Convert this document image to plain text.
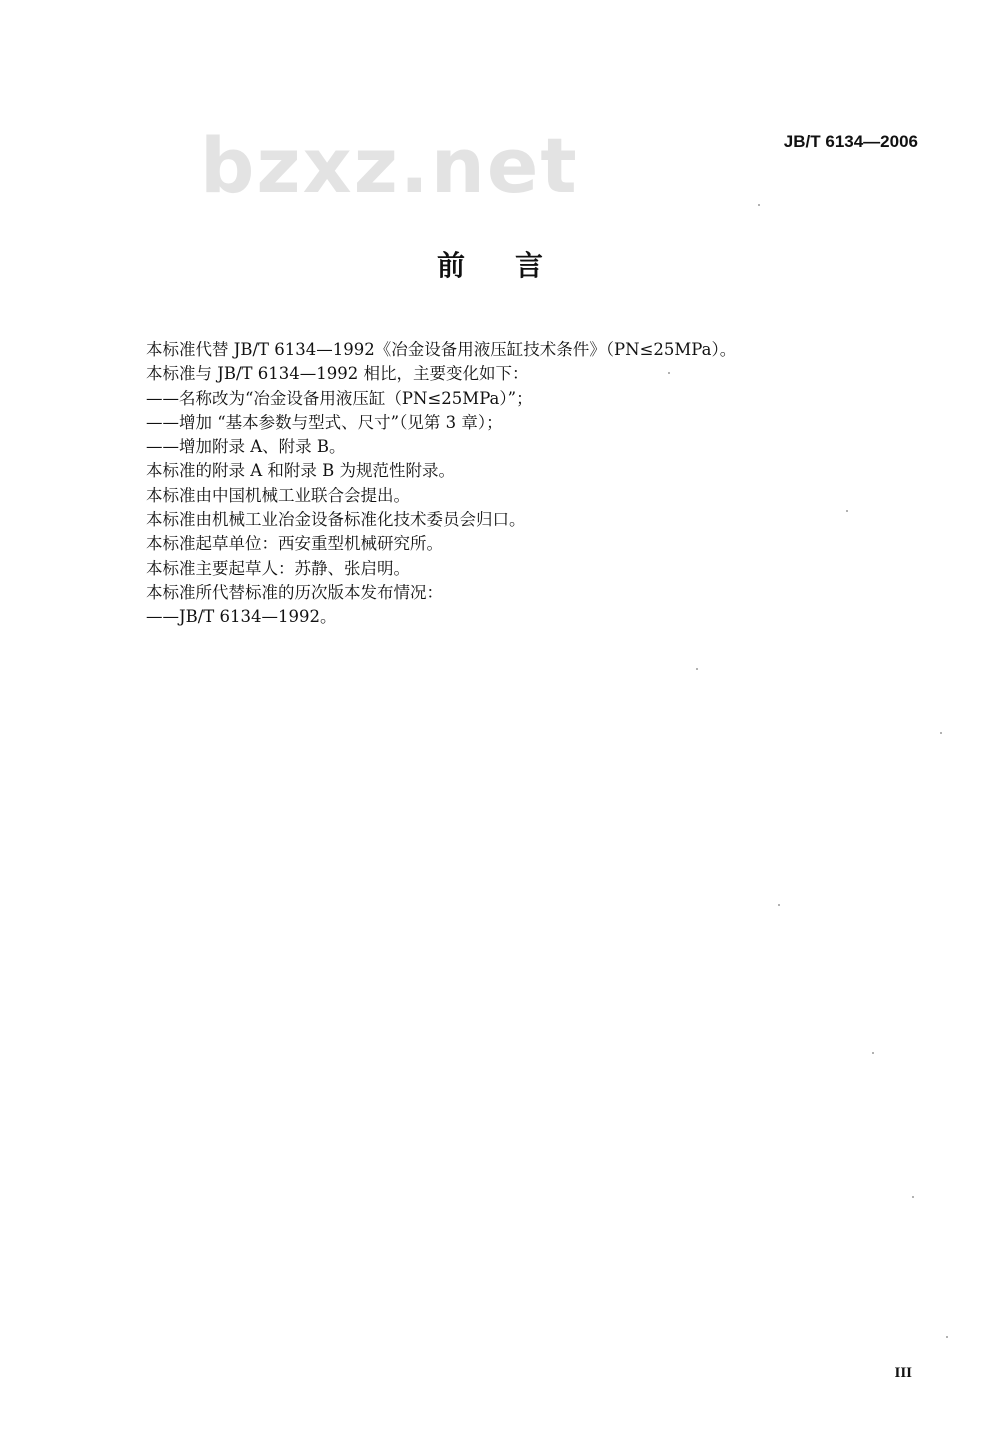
JB/T 6134—2006
bzxz.net
前言
本标准代替 JB/T 6134—1992《冶金设备用液压缸技术条件》（PN≤25MPa）。
本标准与 JB/T 6134—1992 相比，主要变化如下：
——名称改为“冶金设备用液压缸（PN≤25MPa）”；
——增加 “基本参数与型式、尺寸”（见第 3 章）；
——增加附录 A、附录 B。
本标准的附录 A 和附录 B 为规范性附录。
本标准由中国机械工业联合会提出。
本标准由机械工业冶金设备标准化技术委员会归口。
本标准起草单位：西安重型机械研究所。
本标准主要起草人：苏静、张启明。
本标准所代替标准的历次版本发布情况：
——JB/T 6134—1992。
III
